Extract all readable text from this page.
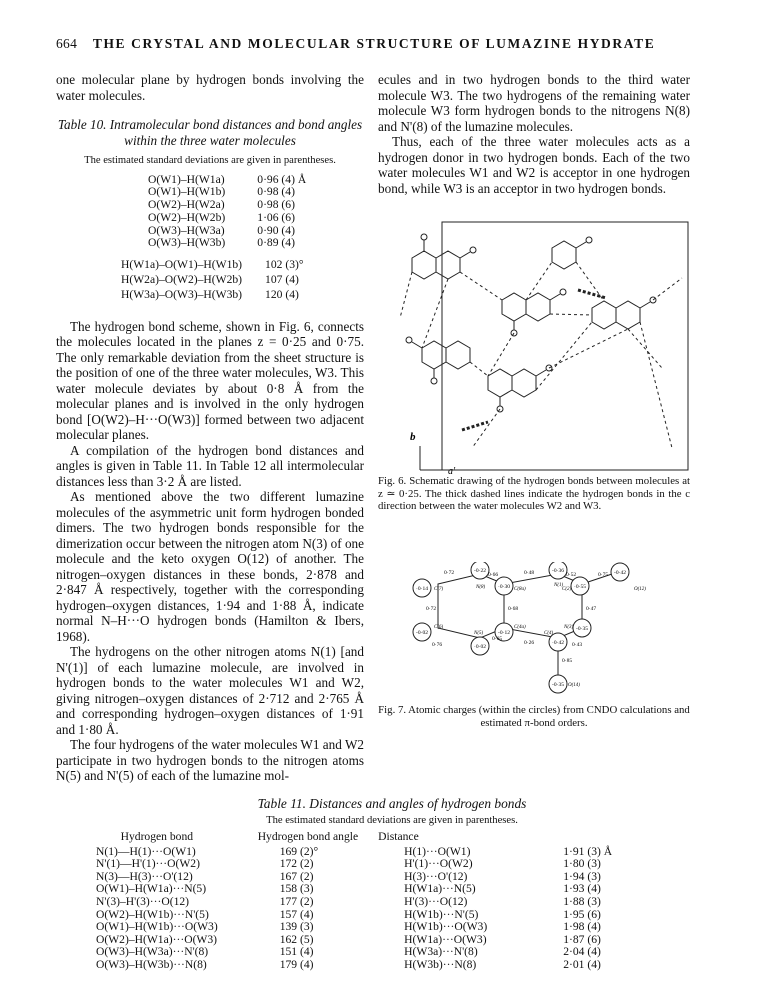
664 THE CRYSTAL AND MOLECULAR STRUCTURE OF LUMAZINE HYDRATE

one molecular plane by hydrogen bonds involving the water molecules.

Table 10. Intramolecular bond distances and bond angles within the three water molecules
The estimated standard deviations are given in parentheses.
O(W1)–H(W1a)	0·96 (4) Å
O(W1)–H(W1b)	0·98 (4)
O(W2)–H(W2a)	0·98 (6)
O(W2)–H(W2b)	1·06 (6)
O(W3)–H(W3a)	0·90 (4)
O(W3)–H(W3b)	0·89 (4)
H(W1a)–O(W1)–H(W1b)	102 (3)°
H(W2a)–O(W2)–H(W2b)	107 (4)
H(W3a)–O(W3)–H(W3b)	120 (4)

The hydrogen bond scheme, shown in Fig. 6, connects the molecules located in the planes z = 0·25 and 0·75. The only remarkable deviation from the sheet structure is the position of one of the three water molecules, W3. This water molecule deviates by about 0·8 Å from the molecular planes and is involved in the only hydrogen bond [O(W2)–H···O(W3)] formed between two adjacent molecular planes.

A compilation of the hydrogen bond distances and angles is given in Table 11. In Table 12 all intermolecular distances less than 3·2 Å are listed.

As mentioned above the two different lumazine molecules of the asymmetric unit form hydrogen bonded dimers. The two hydrogen bonds responsible for the dimerization occur between the nitrogen atom N(3) of one molecule and the keto oxygen O(12) of another. The nitrogen–oxygen distances in these bonds, 2·878 and 2·847 Å respectively, together with the corresponding hydrogen–oxygen distances, 1·94 and 1·88 Å, indicate normal N–H···O hydrogen bonds (Hamilton & Ibers, 1968).

The hydrogens on the other nitrogen atoms N(1) [and N'(1)] of each lumazine molecule, are involved in hydrogen bonds to the water molecules W1 and W2, giving nitrogen–oxygen distances of 2·712 and 2·765 Å and corresponding hydrogen–oxygen distances of 1·91 and 1·80 Å.

The four hydrogens of the water molecules W1 and W2 participate in two hydrogen bonds to the nitrogen atoms N(5) and N'(5) of each of the lumazine mol-

ecules and in two hydrogen bonds to the third water molecule W3. The two hydrogens of the remaining water molecule W3 form hydrogen bonds to the nitrogens N(8) and N'(8) of the lumazine molecules.

Thus, each of the three water molecules acts as a hydrogen donor in two hydrogen bonds. Each of the two water molecules W1 and W2 is acceptor in one hydrogen bond, while W3 is an acceptor in two hydrogen bonds.

b
a'
Fig. 6. Schematic drawing of the hydrogen bonds between molecules at z ≃ 0·25. The thick dashed lines indicate the hydrogen bonds in the c direction between the water molecules W2 and W3.
-0·22
·0·14	·0·30
-0·36
·0·55
-0·42
-0·02	-0·12
-0·35
·0·42
·0·02
-0·35
0·72	0·66	0·48	0·52	0·75
0·72	0·68	0·47
0·76
0·65
0·26	0·43
0·85
N(8)
C(7)	C(8a)
N(1)
C(2)	O(12)
C(6)
N(5)
C(4a)
C(4)
N(3)
O(14)
Fig. 7. Atomic charges (within the circles) from CNDO calculations and estimated π-bond orders.
Table 11. Distances and angles of hydrogen bonds
The estimated standard deviations are given in parentheses.
Hydrogen bond	Hydrogen bond angle	Distance	
N(1)—H(1)···O(W1)	169 (2)°	H(1)···O(W1)	1·91 (3) Å
N'(1)—H'(1)···O(W2)	172 (2)	H'(1)···O(W2)	1·80 (3)
N(3)—H(3)···O'(12)	167 (2)	H(3)···O'(12)	1·94 (3)
O(W1)–H(W1a)···N(5)	158 (3)	H(W1a)···N(5)	1·93 (4)
N'(3)–H'(3)···O(12)	177 (2)	H'(3)···O(12)	1·88 (3)
O(W2)–H(W1b)···N'(5)	157 (4)	H(W1b)···N'(5)	1·95 (6)
O(W1)–H(W1b)···O(W3)	139 (3)	H(W1b)···O(W3)	1·98 (4)
O(W2)–H(W1a)···O(W3)	162 (5)	H(W1a)···O(W3)	1·87 (6)
O(W3)–H(W3a)···N'(8)	151 (4)	H(W3a)···N'(8)	2·04 (4)
O(W3)–H(W3b)···N(8)	179 (4)	H(W3b)···N(8)	2·01 (4)
